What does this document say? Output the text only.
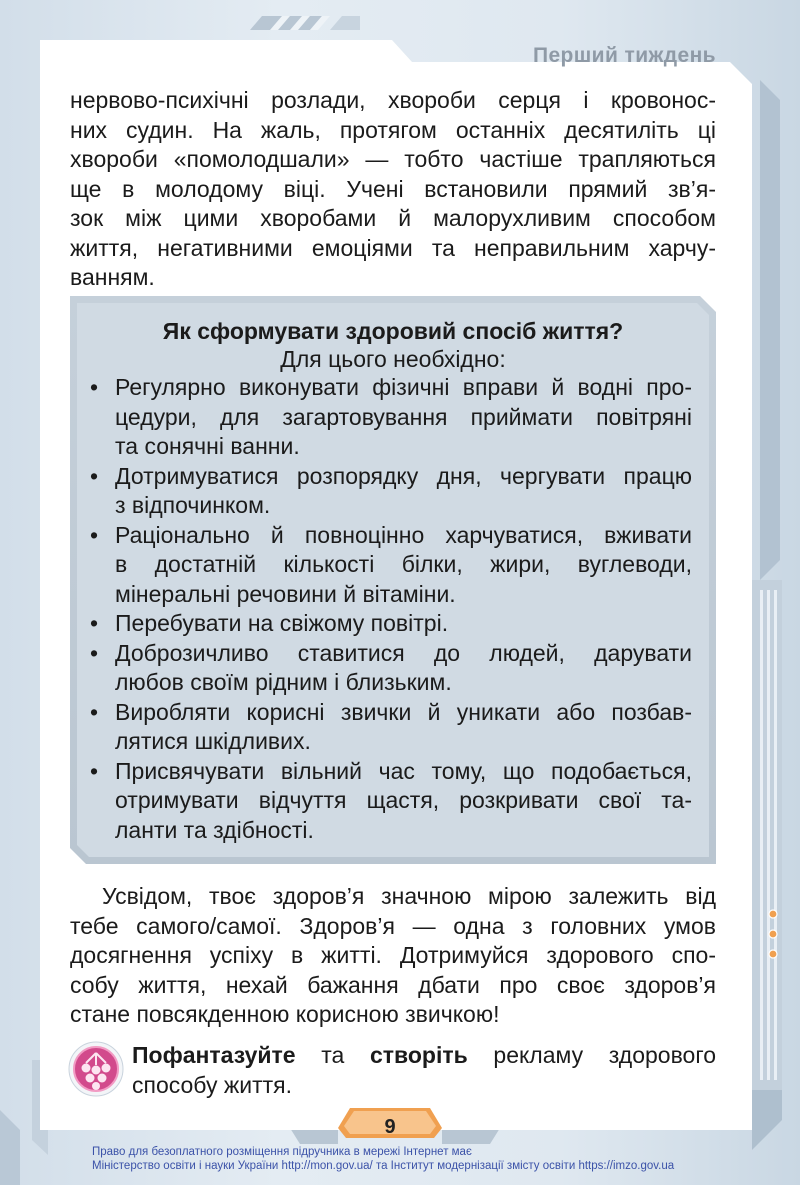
Перший тиждень

нервово-психічні розлади, хвороби серця і кровонос-
них судин. На жаль, протягом останніх десятиліть ці
хвороби «помолодшали» — тобто частіше трапляються
ще в молодому віці. Учені встановили прямий зв’я-
зок між цими хворобами й малорухливим способом
життя, негативними емоціями та неправильним харчу-
ванням.

Як сформувати здоровий спосіб життя?
Для цього необхідно:
• Регулярно виконувати фізичні вправи й водні про-
цедури, для загартовування приймати повітряні
та сонячні ванни.
• Дотримуватися розпорядку дня, чергувати працю
з відпочинком.
• Раціонально й повноцінно харчуватися, вживати
в достатній кількості білки, жири, вуглеводи,
мінеральні речовини й вітаміни.
• Перебувати на свіжому повітрі.
• Доброзичливо ставитися до людей, дарувати
любов своїм рідним і близьким.
• Виробляти корисні звички й уникати або позбав-
лятися шкідливих.
• Присвячувати вільний час тому, що подобається,
отримувати відчуття щастя, розкривати свої та-
ланти та здібності.

Усвідом, твоє здоров’я значною мірою залежить від
тебе самого/самої. Здоров’я — одна з головних умов
досягнення успіху в житті. Дотримуйся здорового спо-
собу життя, нехай бажання дбати про своє здоров’я
стане повсякденною корисною звичкою!

Пофантазуйте та створіть рекламу здорового
способу життя.
9
Право для безоплатного розміщення підручника в мережі Інтернет має
Міністерство освіти і науки України http://mon.gov.ua/ та Інститут модернізації змісту освіти https://imzo.gov.ua
